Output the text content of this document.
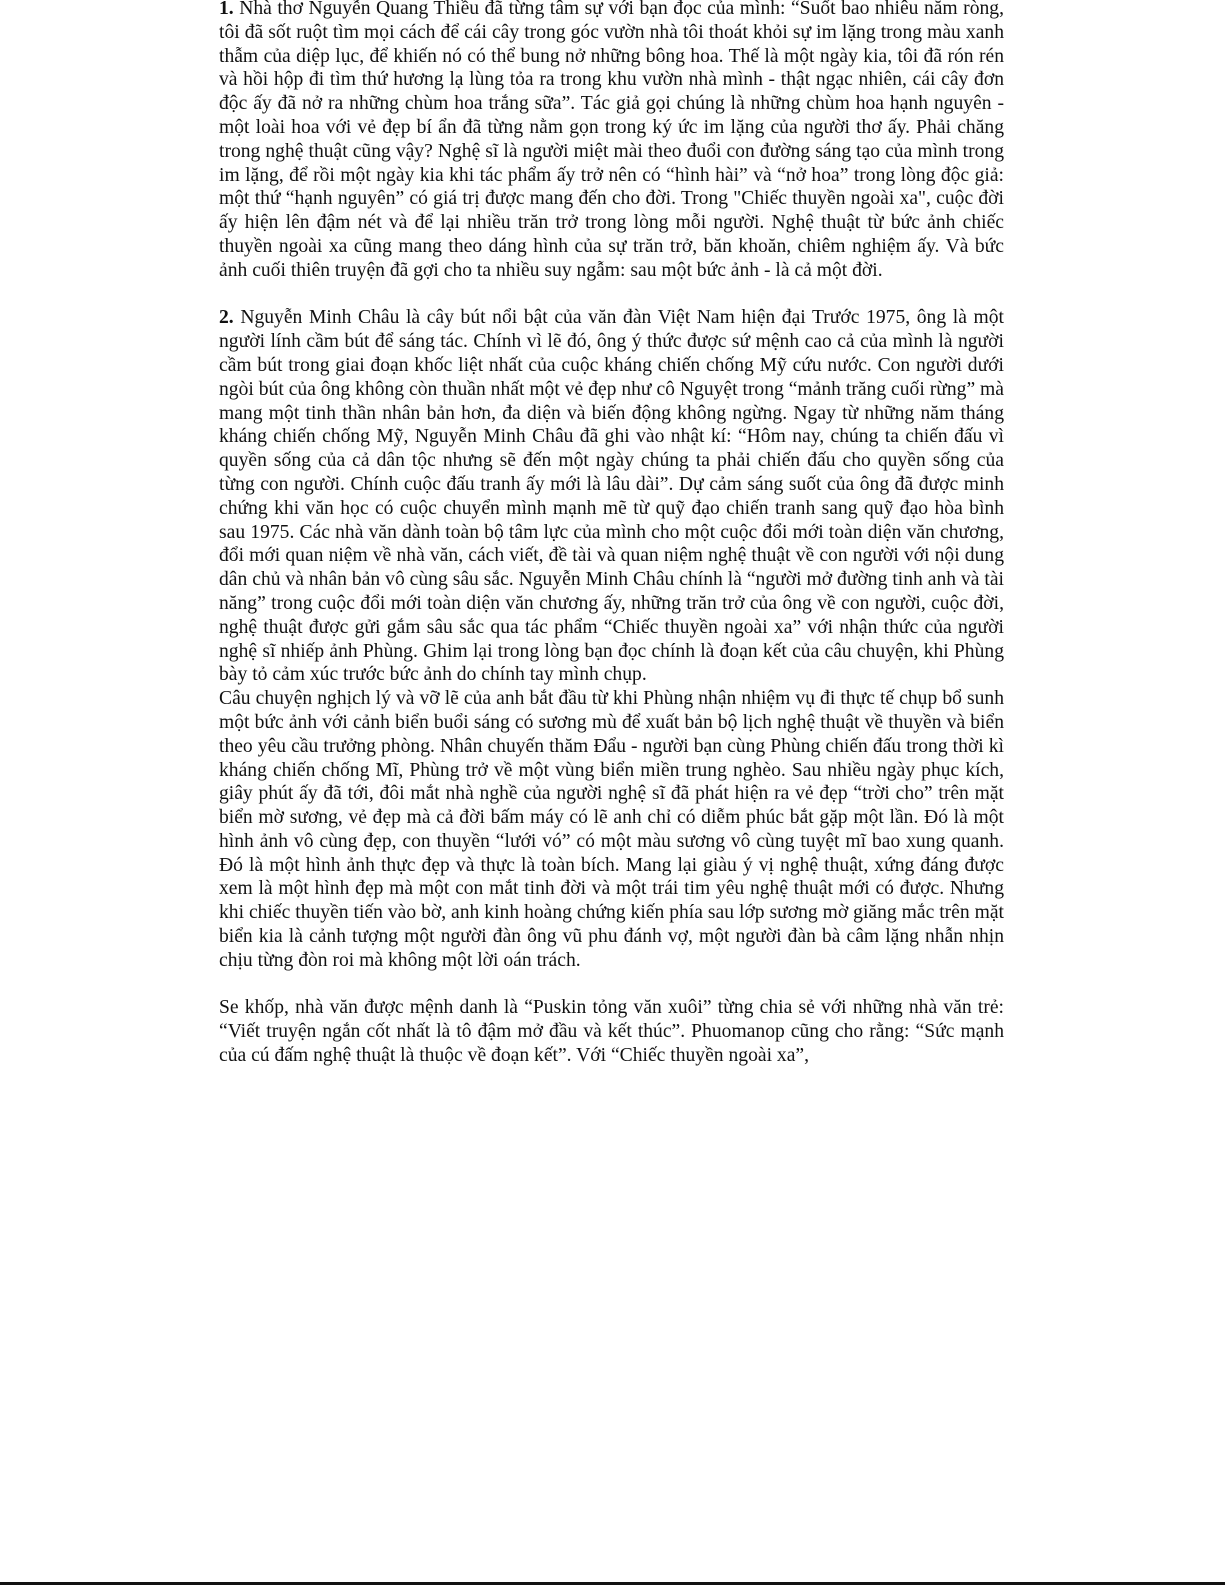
1. Nhà thơ Nguyễn Quang Thiều đã từng tâm sự với bạn đọc của mình: “Suốt bao nhiêu năm ròng, tôi đã sốt ruột tìm mọi cách để cái cây trong góc vườn nhà tôi thoát khỏi sự im lặng trong màu xanh thẫm của diệp lục, để khiến nó có thể bung nở những bông hoa. Thế là một ngày kia, tôi đã rón rén và hồi hộp đi tìm thứ hương lạ lùng tỏa ra trong khu vườn nhà mình - thật ngạc nhiên, cái cây đơn độc ấy đã nở ra những chùm hoa trắng sữa”. Tác giả gọi chúng là những chùm hoa hạnh nguyên - một loài hoa với vẻ đẹp bí ẩn đã từng nằm gọn trong ký ức im lặng của người thơ ấy. Phải chăng trong nghệ thuật cũng vậy? Nghệ sĩ là người miệt mài theo đuổi con đường sáng tạo của mình trong im lặng, để rồi một ngày kia khi tác phẩm ấy trở nên có “hình hài” và “nở hoa” trong lòng độc giả: một thứ “hạnh nguyên” có giá trị được mang đến cho đời. Trong "Chiếc thuyền ngoài xa", cuộc đời ấy hiện lên đậm nét và để lại nhiều trăn trở trong lòng mỗi người. Nghệ thuật từ bức ảnh chiếc thuyền ngoài xa cũng mang theo dáng hình của sự trăn trở, băn khoăn, chiêm nghiệm ấy. Và bức ảnh cuối thiên truyện đã gợi cho ta nhiều suy ngẫm: sau một bức ảnh - là cả một đời.

2. Nguyễn Minh Châu là cây bút nổi bật của văn đàn Việt Nam hiện đại Trước 1975, ông là một người lính cầm bút để sáng tác. Chính vì lẽ đó, ông ý thức được sứ mệnh cao cả của mình là người cầm bút trong giai đoạn khốc liệt nhất của cuộc kháng chiến chống Mỹ cứu nước. Con người dưới ngòi bút của ông không còn thuần nhất một vẻ đẹp như cô Nguyệt trong “mảnh trăng cuối rừng” mà mang một tinh thần nhân bản hơn, đa diện và biến động không ngừng. Ngay từ những năm tháng kháng chiến chống Mỹ, Nguyễn Minh Châu đã ghi vào nhật kí: “Hôm nay, chúng ta chiến đấu vì quyền sống của cả dân tộc nhưng sẽ đến một ngày chúng ta phải chiến đấu cho quyền sống của từng con người. Chính cuộc đấu tranh ấy mới là lâu dài”. Dự cảm sáng suốt của ông đã được minh chứng khi văn học có cuộc chuyển mình mạnh mẽ từ quỹ đạo chiến tranh sang quỹ đạo hòa bình sau 1975. Các nhà văn dành toàn bộ tâm lực của mình cho một cuộc đổi mới toàn diện văn chương, đổi mới quan niệm về nhà văn, cách viết, đề tài và quan niệm nghệ thuật về con người với nội dung dân chủ và nhân bản vô cùng sâu sắc. Nguyễn Minh Châu chính là “người mở đường tinh anh và tài năng” trong cuộc đổi mới toàn diện văn chương ấy, những trăn trở của ông về con người, cuộc đời, nghệ thuật được gửi gắm sâu sắc qua tác phẩm “Chiếc thuyền ngoài xa” với nhận thức của người nghệ sĩ nhiếp ảnh Phùng. Ghim lại trong lòng bạn đọc chính là đoạn kết của câu chuyện, khi Phùng bày tỏ cảm xúc trước bức ảnh do chính tay mình chụp.

Câu chuyện nghịch lý và vỡ lẽ của anh bắt đầu từ khi Phùng nhận nhiệm vụ đi thực tế chụp bổ sunh một bức ảnh với cảnh biển buổi sáng có sương mù để xuất bản bộ lịch nghệ thuật về thuyền và biển theo yêu cầu trưởng phòng. Nhân chuyến thăm Đẩu - người bạn cùng Phùng chiến đấu trong thời kì kháng chiến chống Mĩ, Phùng trở về một vùng biển miền trung nghèo. Sau nhiều ngày phục kích, giây phút ấy đã tới, đôi mắt nhà nghề của người nghệ sĩ đã phát hiện ra vẻ đẹp “trời cho” trên mặt biển mờ sương, vẻ đẹp mà cả đời bấm máy có lẽ anh chỉ có diễm phúc bắt gặp một lần. Đó là một hình ảnh vô cùng đẹp, con thuyền “lưới vó” có một màu sương vô cùng tuyệt mĩ bao xung quanh. Đó là một hình ảnh thực đẹp và thực là toàn bích. Mang lại giàu ý vị nghệ thuật, xứng đáng được xem là một hình đẹp mà một con mắt tinh đời và một trái tim yêu nghệ thuật mới có được. Nhưng khi chiếc thuyền tiến vào bờ, anh kinh hoàng chứng kiến phía sau lớp sương mờ giăng mắc trên mặt biển kia là cảnh tượng một người đàn ông vũ phu đánh vợ, một người đàn bà câm lặng nhẫn nhịn chịu từng đòn roi mà không một lời oán trách.

Se khốp, nhà văn được mệnh danh là “Puskin tỏng văn xuôi” từng chia sẻ với những nhà văn trẻ: “Viết truyện ngắn cốt nhất là tô đậm mở đầu và kết thúc”. Phuomanop cũng cho rằng: “Sức mạnh của cú đấm nghệ thuật là thuộc về đoạn kết”. Với “Chiếc thuyền ngoài xa”,
